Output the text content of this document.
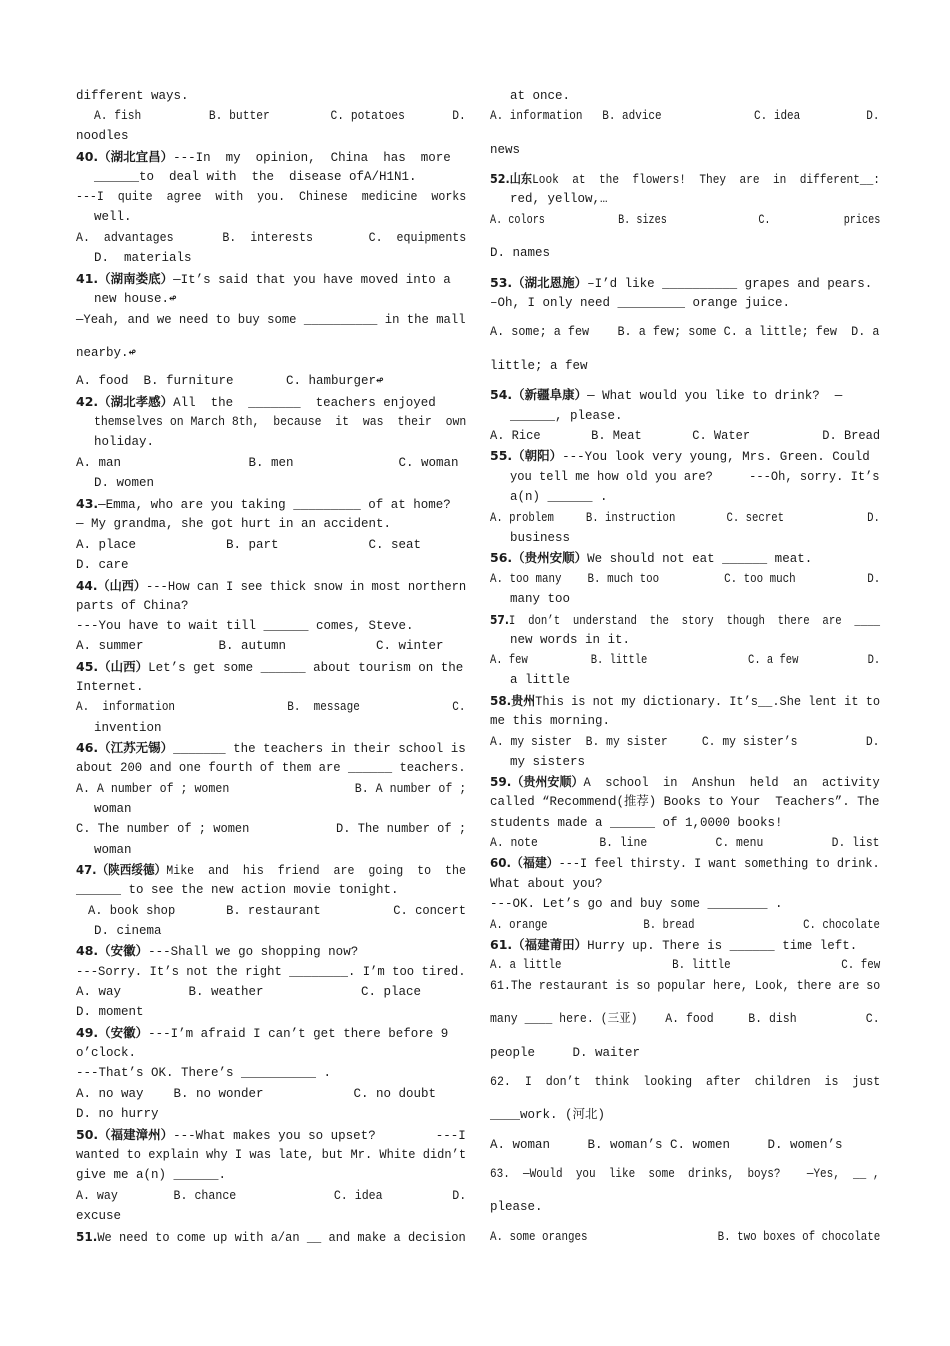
different ways.
A. fish          B. butter         C. potatoes       D.
noodles
40.（湖北宜昌）---In  my  opinion,  China  has  more
______to  deal with  the  disease ofA/H1N1.
---I  quite  agree  with  you.  Chinese  medicine  works
well.
A.  advantages       B.  interests        C.  equipments
D.  materials
41.（湖南娄底）—It’s said that you have moved into a
new house.↫
—Yeah, and we need to buy some __________ in the mall
nearby.↫
A. food  B. furniture       C. hamburger↫
42.（湖北孝感）All  the  _______  teachers enjoyed
themselves on March 8th,  because  it  was  their  own
holiday.
A. man                 B. men              C. woman
D. women
43.—Emma, who are you taking _________ of at home?
— My grandma, she got hurt in an accident.
A. place            B. part            C. seat
D. care
44.（山西）---How can I see thick snow in most northern
parts of China?
---You have to wait till ______ comes, Steve.
A. summer          B. autumn            C. winter
45.（山西）Let’s get some ______ about tourism on the
Internet.
A.  information                 B.  message              C.
invention
46.（江苏无锡）_______ the teachers in their school is
about 200 and one fourth of them are ______ teachers.
A. A number of ; women                  B. A number of ;
woman
C. The number of ; women            D. The number of ;
woman
47.（陕西绥德）Mike  and  his  friend  are  going  to  the
______ to see the new action movie tonight.
A. book shop       B. restaurant          C. concert
D. cinema
48.（安徽）---Shall we go shopping now?
---Sorry. It’s not the right ________. I’m too tired.
A. way         B. weather             C. place
D. moment
49.（安徽）---I’m afraid I can’t get there before 9
o’clock.
---That’s OK. There’s __________ .
A. no way    B. no wonder            C. no doubt
D. no hurry
50.（福建漳州）---What makes you so upset?        ---I
wanted to explain why I was late, but Mr. White didn’t
give me a(n) ______.
A. way        B. chance              C. idea          D.
excuse
51.We need to come up with a/an __ and make a decision
at once.
A. information   B. advice              C. idea          D.
news
52.山东Look  at  the  flowers!  They  are  in  different__:
red, yellow,…
A. colors            B. sizes               C.            prices
D. names
53.（湖北恩施）–I’d like __________ grapes and pears.
–Oh, I only need _________ orange juice.
A. some; a few    B. a few; some C. a little; few  D. a
little; a few
54.（新疆阜康）— What would you like to drink?  —
______, please.
A. Rice       B. Meat       C. Water          D. Bread
55.（朝阳）---You look very young, Mrs. Green. Could
you tell me how old you are?     ---Oh, sorry. It’s
a(n) ______ .
A. problem     B. instruction        C. secret             D.
business
56.（贵州安顺）We should not eat ______ meat.
A. too many    B. much too          C. too much           D.
many too
57.I  don’t  understand  the  story  though  there  are  ____
new words in it.
A. few          B. little                C. a few           D.
a little
58.贵州This is not my dictionary. It’s__.She lent it to
me this morning.
A. my sister  B. my sister     C. my sister’s          D.
my sisters
59.（贵州安顺）A  school  in  Anshun  held  an  activity
called “Recommend(推荐) Books to Your  Teachers”. The
students made a ______ of 1,0000 books!
A. note         B. line          C. menu          D. list
60.（福建）---I feel thirsty. I want something to drink.
What about you?
---OK. Let’s go and buy some ________ .
A. orange               B. bread                 C. chocolate
61.（福建莆田）Hurry up. There is ______ time left.
A. a little                 B. little                 C. few
61.The restaurant is so popular here, Look, there are so
many ____ here. (三亚)    A. food     B. dish          C.
people     D. waiter
62.  I  don’t  think  looking  after  children  is  just
____work. (河北)
A. woman     B. woman’s C. women     D. women’s
63.  —Would  you  like  some  drinks,  boys?    —Yes,  __ ,
please.
A. some oranges                    B. two boxes of chocolate
